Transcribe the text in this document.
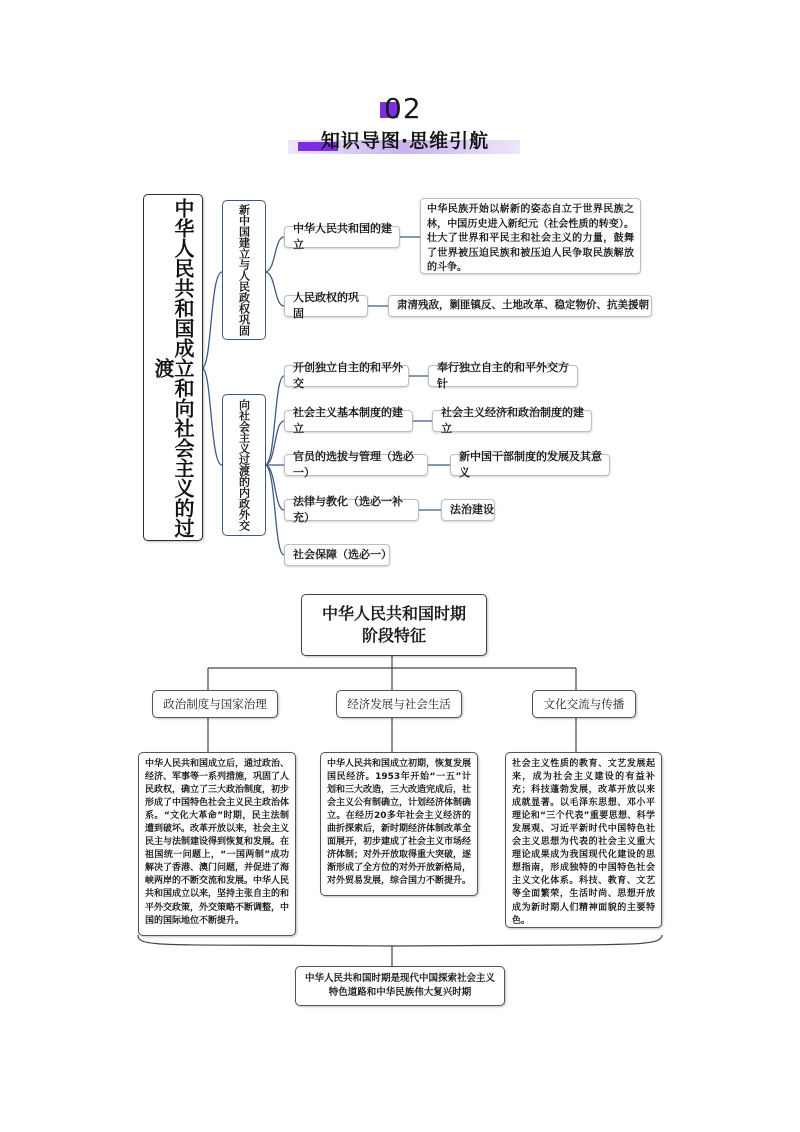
02
知识导图·思维引航
中华人民共和国成立和向社会主义的过渡
新中国建立与人民政权巩固
向社会主义过渡的内政外交
中华人民共和国的建立
中华民族开始以崭新的姿态自立于世界民族之林，中国历史进入新纪元（社会性质的转变）。壮大了世界和平民主和社会主义的力量，鼓舞了世界被压迫民族和被压迫人民争取民族解放的斗争。
人民政权的巩固
肃清残敌，剿匪镇反、土地改革、稳定物价、抗美援朝
开创独立自主的和平外交
奉行独立自主的和平外交方针
社会主义基本制度的建立
社会主义经济和政治制度的建立
官员的选拔与管理（选必一）
新中国干部制度的发展及其意义
法律与教化（选必一补充）
法治建设
社会保障（选必一）
中华人民共和国时期
阶段特征
政治制度与国家治理	经济发展与社会生活	文化交流与传播
中华人民共和国成立后，通过政治、经济、军事等一系列措施，巩固了人民政权，确立了三大政治制度，初步形成了中国特色社会主义民主政治体系。“文化大革命”时期，民主法制遭到破坏。改革开放以来，社会主义民主与法制建设得到恢复和发展。在祖国统一问题上，“一国两制”成功解决了香港、澳门问题，并促进了海峡两岸的不断交流和发展。中华人民共和国成立以来，坚持主张自主的和平外交政策，外交策略不断调整，中国的国际地位不断提升。
中华人民共和国成立初期，恢复发展国民经济。1953年开始“一五”计划和三大改造，三大改造完成后，社会主义公有制确立，计划经济体制确立。在经历20多年社会主义经济的曲折探索后，新时期经济体制改革全面展开，初步建成了社会主义市场经济体制；对外开放取得重大突破，逐渐形成了全方位的对外开放新格局，对外贸易发展，综合国力不断提升。
社会主义性质的教育、文艺发展起来，成为社会主义建设的有益补充；科技蓬勃发展，改革开放以来成就显著。以毛泽东思想、邓小平理论和“三个代表”重要思想、科学发展观、习近平新时代中国特色社会主义思想为代表的社会主义重大理论成果成为我国现代化建设的思想指南，形成独特的中国特色社会主义文化体系。科技、教育、文艺等全面繁荣，生活时尚、思想开放成为新时期人们精神面貌的主要特色。
中华人民共和国时期是现代中国探索社会主义特色道路和中华民族伟大复兴时期
